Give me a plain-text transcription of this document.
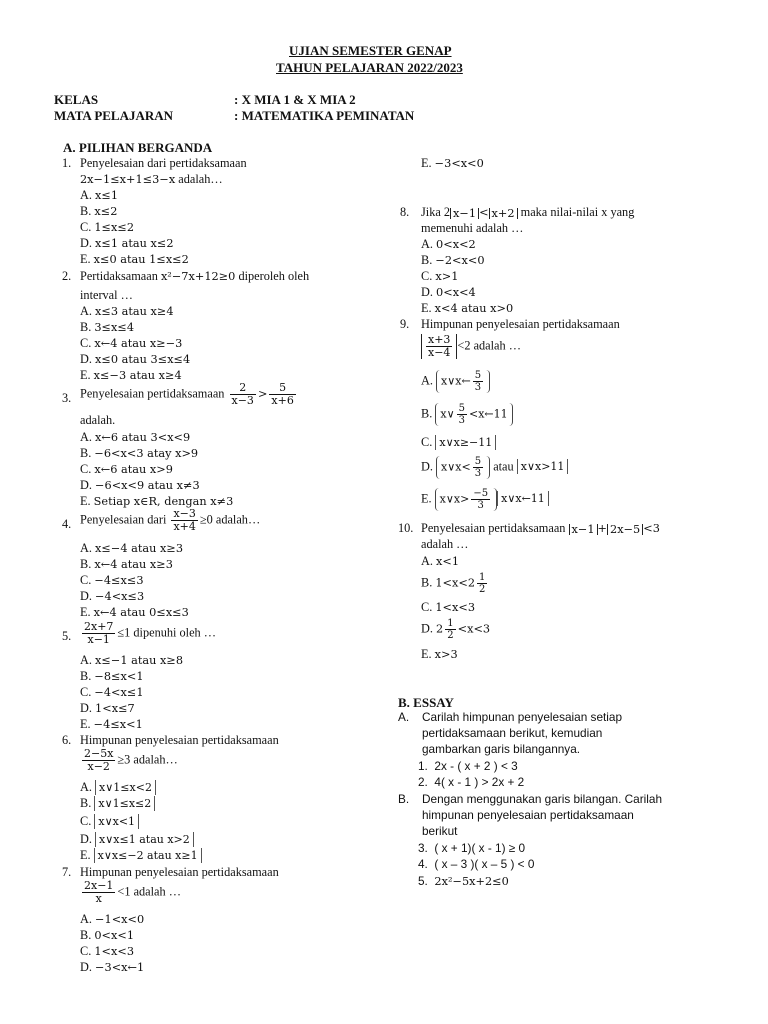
UJIAN SEMESTER GENAP
TAHUN PELAJARAN 2022/2023
KELAS	: X MIA 1 & X MIA 2
MATA PELAJARAN	: MATEMATIKA PEMINATAN
A. PILIHAN BERGANDA
1. Penyelesaian dari pertidaksamaan
2x−1≤x+1≤3−x adalah…
A. x≤1
B. x≤2
C. 1≤x≤2
D. x≤1 atau x≤2
E. x≤0 atau 1≤x≤2
2. Pertidaksamaan x²−7x+12≥0 diperoleh oleh
interval …
A. x≤3 atau x≥4
B. 3≤x≤4
C. x←4 atau x≥−3
D. x≤0 atau 3≤x≤4
E. x≤−3 atau x≥4
3. Penyelesaian pertidaksamaan $\frac{2}{x-3} > \frac{5}{x+6}$
adalah.
A. x←6 atau 3<x<9
B. −6<x<3 atay x>9
C. x←6 atau x>9
D. −6<x<9 atau x≠3
E. Setiap x∈R, dengan x≠3
4. Penyelesaian dari $\frac{x-3}{x+4} \ge 0$ adalah…
A. x≤−4 atau x≥3
B. x←4 atau x≥3
C. −4≤x≤3
D. −4<x≤3
E. x←4 atau 0≤x≤3
5. $\frac{2x+7}{x-1} \le 1$ dipenuhi oleh …
A. x≤−1 atau x≥8
B. −8≤x<1
C. −4<x≤1
D. 1<x≤7
E. −4≤x<1
6. Himpunan penyelesaian pertidaksamaan
$\frac{2-5x}{x-2} \ge 3$ adalah…
A. x∨1≤x<2
B. x∨1≤x≤2
C. x∨x<1
D. x∨x≤1 atau x>2
E. x∨x≤−2 atau x≥1
7. Himpunan penyelesaian pertidaksamaan
$\frac{2x-1}{x} <1$ adalah …
A. −1<x<0
B. 0<x<1
C. 1<x<3
D. −3<x←1
E. −3<x<0
8. Jika 2 x−1 < x+2 maka nilai-nilai x yang
memenuhi adalah …
A. 0<x<2
B. −2<x<0
C. x>1
D. 0<x<4
E. x<4 atau x>0
9. Himpunan penyelesaian pertidaksamaan
$\frac{x+3}{x-4} <2$ adalah …
A. x∨x← $\frac{5}{3}$
B. x∨ $\frac{5}{3}$ <x←11
C. x∨x≥−11
D. x∨x< $\frac{5}{3}$ atau x∨x>11
E. x∨x> $\frac{-5}{3}$ x∨x←11
10. Penyelesaian pertidaksamaan x−1 + 2x−5 <3
adalah …
A. x<1
B. $1<x<2 \frac{1}{2}$
C. 1<x<3
D. $2 \frac{1}{2} <x<3$
E. x>3
B. ESSAY
A. Carilah himpunan penyelesaian setiap
pertidaksamaan berikut, kemudian
gambarkan garis bilangannya.
1. 2x - ( x + 2 ) < 3
2. 4( x - 1 ) > 2x + 2
B. Dengan menggunakan garis bilangan. Carilah
himpunan penyelesaian pertidaksamaan
berikut
3. ( x + 1)( x - 1) ≥ 0
4. ( x – 3 )( x – 5 ) < 0
5. 2x²−5x+2≤0
